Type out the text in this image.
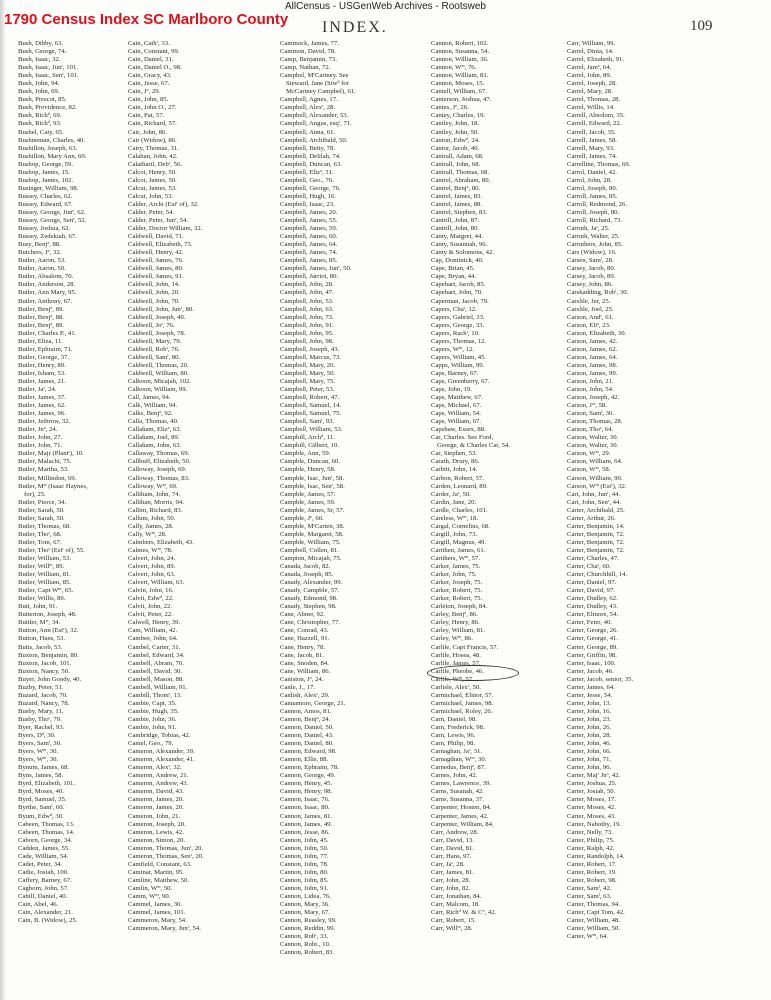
AllCensus - USGenWeb Archives - Rootsweb
1790 Census Index SC Marlboro County INDEX.	109
Bush, Dibby, 63.
Bush, George, 74.
Bush, Isaac, 32.
Bush, Isaac, Junʳ, 101.
Bush, Isaac, Senʳ, 101.
Bush, John, 94.
Bush, John, 69.
Bush, Prescot, 85.
Bush, Providence, 82.
Bush, Richᵈ, 69.
Bush, Richᵈ, 93.
Bushel, Caty, 65.
Bushneman, Charles, 40.
Bushillon, Joseph, 63.
Bushillon, Mary Ann, 60.
Bushop, George, 59.
Bushop, James, 15.
Bushop, James, 102.
Businger, William, 98.
Bussey, Charles, 62.
Bussey, Edward, 67.
Bussey, George, Junʳ, 62.
Bussey, George, Senʳ, 52.
Bussey, Joshua, 62.
Bussey, Zedekiah, 67.
Busy, Benjᵃ, 88.
Butchers, Jᵒ, 32.
Butler, Aaron, 53.
Butler, Aaron, 50.
Butler, Absalom, 70.
Butler, Anderson, 28.
Butler, Ann Mary, 95.
Butler, Anthony, 67.
Butler, Benjᵃ, 89.
Butler, Benjᵃ, 88.
Butler, Benjᵃ, 89.
Butler, Charles P., 41.
Butler, Eliza, 11.
Butler, Ephraim, 71.
Butler, George, 37.
Butler, Henry, 80.
Butler, Isham, 53.
Butler, James, 21.
Butler, Jaˢ, 24.
Butler, James, 37.
Butler, James, 62.
Butler, James, 96.
Butler, Jethrow, 32.
Butler, Jnᵒ, 24.
Butler, John, 27.
Butler, John, 71.
Butler, Majr (Plantʳ), 10.
Butler, Malachi, 75.
Butler, Martha, 53.
Butler, Millindon, 69.
Butler, Mˢˢ (Isaac Haynes,
for), 25.
Butler, Pierce, 34.
Butler, Sarah, 50.
Butler, Sarah, 50.
Butler, Thomas, 68.
Butler, Thoˢ, 68.
Butler, Tom, 67.
Butler, Thoˢ (Estʳ of), 55.
Butler, William, 53.
Butler, Willᵐ, 89.
Butler, William, 81.
Butler, William, 85.
Butler, Capt Wᵐ, 65.
Butler, Willis, 89.
Butt, John, 91.
Butterton, Joseph, 48.
Buttler, Mʳˢ, 34.
Button, Ann (Estʳ), 32.
Button, Hans, 53.
Butts, Jacob, 53.
Buxton, Benjamin, 80.
Buxton, Jacob, 101.
Buxton, Nancy, 50.
Buyer, John Goody, 40.
Buzby, Peter, 51.
Buzard, Jacob, 70.
Buzard, Nancy, 78.
Busby, Mary, 11.
Busby, Thoˢ, 79.
Byer, Rachel, 93.
Byers, Dᵈ, 30.
Byers, Samˡ, 30.
Byers, Wᵐ, 30.
Byers, Wᵐ, 30.
Bynum, James, 68.
Byns, James, 58.
Byrd, Elizabeth, 101.
Byrd, Moses, 40.
Byrd, Samuel, 35.
Byrthe, Samˡ, 60.
Byum, Edwᵈ, 30.
Cabeen, Thomas, 13.
Cabeen, Thomas, 14.
Caborn, George, 34.
Cadden, James, 55.
Cade, William, 54.
Cadet, Peter, 34.
Cadie, Josiah, 100.
Caffery, Barney, 67.
Cagborn, John, 57.
Cahill, Daniel, 40.
Cain, Abel, 46.
Cain, Alexander, 21.
Cain, B. (Widow), 25.
Cain, Cathʳ, 33.
Cain, Constant, 99.
Cain, Daniel, 31.
Cain, Daniel O., 98.
Cain, Gracy, 43.
Cain, Jesse, 67.
Cain, Jᵒ, 29.
Cain, John, 85.
Cain, John O., 27.
Cain, Pat, 57.
Cain, Richard, 57.
Cair, John, 86.
Cair (Widow), 86.
Cairy, Thomas, 31.
Calahan, John, 42.
Calatharil, Debʳ, 56.
Calcot, Henry, 50.
Calcot, James, 50.
Calcut, James, 53.
Calcut, John, 53.
Calder, Archi (Estʳ of), 32.
Calder, Peter, 54.
Calder, Peter, Junʳ, 54.
Calder, Doctor William, 32.
Caldwell, David, 71.
Caldwell, Elizabeth, 73.
Caldwell, Henry, 42.
Caldwell, James, 76.
Caldwell, James, 80.
Caldwell, James, 91.
Caldwell, John, 14.
Caldwell, John, 20.
Caldwell, John, 70.
Caldwell, John, Junʳ, 80.
Caldwell, Joseph, 40.
Caldwell, Joˢ, 76.
Caldwell, Joseph, 78.
Caldwell, Mary, 79.
Caldwell, Robᵗ, 76.
Caldwell, Samˡ, 80.
Caldwell, Thomas, 20.
Caldwell, William, 80.
Calhoon, Micajah, 102.
Calhoon, William, 99.
Call, James, 94.
Calk, William, 94.
Calks, Benjᵃ, 92.
Calla, Thomas, 40.
Callaham, Elizᵃ, 63.
Callaham, Joel, 89.
Callaham, John, 63.
Callaway, Thomas, 69.
Callbuff, Elizabeth, 50.
Calloway, Joseph, 69.
Calloway, Thomas, 83.
Calloway, Wᵐ, 69.
Calliham, John, 74.
Callihan, Morris, 94.
Callim, Richard, 83.
Callum, John, 50.
Cally, James, 28.
Cally, Wᵐ, 28.
Calmbers, Elizabeth, 43.
Calmes, Wᵐ, 78.
Calvert, John, 24.
Calvert, John, 89.
Calvert, John, 63.
Calvert, William, 63.
Calvin, John, 16.
Calvit, Edwᵈ, 22.
Calvit, John, 22.
Calvit, Peter, 22.
Calwell, Henry, 39.
Cam, William, 42.
Cambee, John, 64.
Cambel, Carter, 31.
Cambel, Edward, 34.
Cambell, Abram, 70.
Cambell, David, 30.
Cambell, Mason, 88.
Cambell, William, 91.
Cambill, Thomˢ, 13.
Cambie, Capt, 35.
Cambie, Hugh, 35.
Cambie, John, 36.
Cambie, John, 91.
Cambridge, Tobias, 42.
Camel, Geo., 79.
Cameron, Alexander, 39.
Cameron, Alexander, 41.
Cameron, Alexʳ, 32.
Cameron, Andrew, 21.
Cameron, Andrew, 43.
Cameron, David, 43.
Cameron, James, 20.
Cameron, James, 20.
Cameron, John, 21.
Cameron, Joseph, 20.
Cameron, Lewis, 42.
Cameron, Simon, 20.
Cameron, Thomas, Junʳ, 20.
Cameron, Thomas, Senʳ, 20.
Camfield, Constant, 63.
Caminar, Martin, 95.
Camline, Matthew, 50.
Camlin, Wᵐ, 50.
Camm, Wᵐ, 90.
Cammel, James, 30.
Cammel, James, 101.
Cammeron, Mary, 54.
Cammeron, Mary, Junʳ, 54.
Cammock, James, 77.
Cammon, David, 78.
Camp, Benjamin, 73.
Camp, Nathan, 72.
Campbel, MʳCartney. See
Steward, Jane (Stwᵈ for
McCartney Campbel), 61.
Campbell, Agnes, 17.
Campbell, Alexʳ, 28.
Campbell, Alexander, 53.
Campbell, Angus, esqʳ, 71.
Campbell, Anna, 61.
Campbell, Archibald, 50.
Campbell, Betty, 78.
Campbell, Delilah, 74.
Campbell, Duncan, 63.
Campbell, Elizᵃ, 31.
Campbell, Geo., 76.
Campbell, George, 76.
Campbell, Hugh, 16.
Campbell, Isaac, 23.
Campbell, James, 20.
Campbell, James, 55.
Campbell, James, 59.
Campbell, James, 60.
Campbell, James, 64.
Campbell, James, 74.
Campbell, James, 85.
Campbell, James, Junʳ, 50.
Campbell, Jarriot, 80.
Campbell, John, 28.
Campbell, John, 47.
Campbell, John, 53.
Campbell, John, 63.
Campbell, John, 73.
Campbell, John, 91.
Campbell, John, 95.
Campbell, John, 98.
Campbell, Joseph, 43.
Campbell, Marcus, 73.
Campbell, Mary, 20.
Campbell, Mary, 50.
Campbell, Mary, 75.
Campbell, Peter, 53.
Campbell, Robert, 47.
Campbell, Samuel, 14.
Campbell, Samuel, 75.
Campbell, Samˡ, 93.
Campbell, William, 53.
Campbill, Archᵈ, 11.
Campbill, Gilbert, 10.
Campble, Ann, 59.
Campble, Duncan, 60.
Campble, Henry, 58.
Campble, Isac, Junʳ, 58.
Campble, Isac, Senʳ, 58.
Campble, James, 57.
Campble, James, 59.
Campble, James, Sr, 57.
Campble, Jᵒ, 60.
Campble, MʳCarten, 38.
Campble, Margaret, 58.
Campble, William, 75.
Campbell, Collen, 81.
Campton, Micajah, 75.
Canada, Jacob, 82.
Canada, Joseph, 85.
Canady, Alexander, 99.
Canady, Campble, 57.
Canady, Edmond, 98.
Canady, Stephen, 98.
Cane, Abner, 92.
Cane, Christopher, 77.
Cane, Conrad, 43.
Cane, Hazzell, 91.
Cane, Henry, 78.
Cane, Jacob, 81.
Cane, Snoden, 84.
Cane, William, 86.
Caniston, Jᵒ, 24.
Canle, J., 17.
Canlish, Alexʳ, 29.
Cannamore, George, 21.
Cannon, Amos, 81.
Cannon, Benjᵃ, 24.
Cannon, Daniel, 50.
Cannon, Daniel, 43.
Cannon, Daniel, 80.
Cannon, Edward, 98.
Cannon, Ellis, 88.
Cannon, Ephraim, 78.
Cannon, George, 49.
Cannon, Henry, 45.
Cannon, Henry, 98.
Cannon, Isaac, 76.
Cannon, Isaac, 80.
Cannon, James, 81.
Cannon, James, 49.
Cannon, Jesse, 86.
Cannon, John, 45.
Cannon, John, 50.
Cannon, John, 77.
Cannon, John, 78.
Cannon, John, 80.
Cannon, John, 85.
Cannon, John, 91.
Cannon, Lidea, 76.
Cannon, Mary, 36.
Cannon, Mary, 67.
Cannon, Reasley, 99.
Cannon, Reddin, 99.
Cannon, Robᵗ, 33.
Cannon, Robt., 10.
Cannon, Robert, 83.
Cannon, Robert, 102.
Cannon, Susanna, 54.
Cannon, William, 36.
Cannon, Wᵐ, 76.
Cannon, William, 81.
Cannon, Moses, 15.
Cantell, William, 67.
Canterson, Joshua, 47.
Cantes, Jᵒ, 26.
Cantey, Charles, 19.
Cantley, John, 18.
Cantley, John, 50.
Canton, Edwᵈ, 24.
Cantor, Jacob, 40.
Cantrall, Adam, 68.
Cantrall, John, 68.
Cantrall, Thomas, 68.
Cantrel, Abraham, 80.
Cantrel, Benjᵃ, 80.
Cantrel, James, 83.
Cantrel, James, 88.
Cantrel, Stephen, 83.
Cantrill, John, 87.
Cantrill, John, 80.
Canty, Margret, 44.
Canty, Susannah, 96.
Canty & Solomons, 42.
Cap, Dominick, 40.
Cape, Brian, 45.
Cape, Bryan, 44.
Capehart, Jacob, 85.
Capehart, John, 70.
Caperman, Jacob, 79.
Capers, Chaˢ, 12.
Capers, Gabriel, 33.
Capers, George, 33.
Capers, Rachᵗ, 10.
Capers, Thomas, 12.
Capers, Wᵐ, 12.
Capers, William, 45.
Capps, William, 99.
Caps, Barney, 67.
Caps, Greenberry, 67.
Caps, John, 19.
Caps, Matthew, 67.
Caps, Michael, 67.
Caps, William, 54.
Caps, William, 67.
Capshaw, Essex, 88.
Car, Charles. See Ford,
George, & Charles Car, 54.
Car, Stephen, 53.
Carath, Drury, 86.
Carbitt, John, 14.
Carbon, Robert, 57.
Carden, Leonard, 89.
Carder, Jaˢ, 50.
Cardin, Jane, 20.
Cardle, Charles, 101.
Careless, Wᵐ, 18.
Cargal, Cornelius, 68.
Cargill, John, 73.
Cargill, Magnus, 49.
Carithen, James, 61.
Carithers, Wᵐ, 57.
Carker, James, 75.
Carker, John, 75.
Carker, Joseph, 75.
Carker, Robert, 75.
Carker, Robert, 75.
Carleton, Joseph, 84.
Carley, Benjᵃ, 86.
Carley, Henry, 86.
Carley, William, 81.
Carley, Wᵐ, 86.
Carlile, Capt Francis, 57.
Carlile, Hosea, 48.
Carlile, James, 57.
Carlile, Pheobe, 46.
Carlile, Wᵐ, 57.
Carlisle, Alexʳ, 50.
Carmichael, Elinor, 57.
Carmichael, James, 98.
Carmichael, Roley, 26.
Carn, Daniel, 98.
Carn, Frederick, 98.
Carn, Lewis, 96.
Carn, Philip, 98.
Carnaghan, Jaˢ, 31.
Carnagthan, Wᵐ, 30.
Carnedus, Benjᵃ, 87.
Carnes, John, 42.
Carnes, Lawrence, 39.
Carns, Susanah, 42.
Carns, Susanna, 37.
Carpenter, Hosten, 84.
Carpenter, James, 42.
Carpenter, William, 84.
Carr, Andrew, 28.
Carr, David, 13.
Carr, David, 81.
Carr, Hans, 97.
Carr, Jaˢ, 28.
Carr, James, 81.
Carr, John, 28.
Carr, John, 82.
Carr, Jonathan, 84.
Carr, Malcom, 18.
Carr, Richᵈ W. & Cᵒ, 42.
Carr, Robert, 15.
Carr, Willᵐ, 28.
Carr, William, 99.
Carrel, Dinia, 14.
Carrel, Elizabeth, 91.
Carrel, Jamᵉ, 64.
Carrel, John, 89.
Carrel, Joseph, 28.
Carrel, Mary, 28.
Carrel, Thomas, 28.
Carrel, Willis, 14.
Carrell, Absolom, 35.
Carrell, Edward, 22.
Carrell, Jacob, 35.
Carrell, James, 58.
Carrell, Mary, 93.
Carrell, James, 74.
Carrelline, Thomas, 69.
Carrol, Daniel, 42.
Carrol, John, 28.
Carrol, Joseph, 80.
Carroll, James, 85.
Carroll, Redmond, 26.
Carroll, Joseph, 80.
Carroll, Richard, 73.
Carruth, Jaˢ, 25.
Carruth, Walter, 25.
Carruthers, John, 85.
Cars (Widow), 16.
Carsen, Samˡ, 28.
Carsey, Jacob, 80.
Carsey, Jacob, 89.
Carsey, John, 86.
Carskadding, Robᵗ, 30.
Carslile, Jer, 25.
Carslile, Joel, 25.
Carson, Andʳ, 61.
Carson, Eliᵃ, 23.
Carson, Elizabeth, 30.
Carson, James, 42.
Carson, James, 62.
Carson, James, 64.
Carson, James, 98.
Carson, James, 99.
Carson, John, 21.
Carson, John, 54.
Carson, Joseph, 42.
Carson, Jᵒˢ, 58.
Carson, Samˡ, 30.
Carson, Thomas, 28.
Carson, Thoˢ, 64.
Carson, Walter, 30.
Carson, Walter, 30.
Carson, Wᵐ, 29.
Carson, William, 64.
Carson, Wᵐ, 58.
Carson, William, 90.
Carson, Wᵐ (Estʳ), 32.
Cart, John, Junʳ, 44.
Cart, John, Senʳ, 44.
Carter, Archibald, 25.
Carter, Arthur, 26.
Carter, Benjamin, 14.
Carter, Benjamin, 72.
Carter, Benjamin, 72.
Carter, Benjamin, 72.
Carter, Charles, 47.
Carter, Chaˢ, 60.
Carter, Churchhill, 14.
Carter, Daniel, 97.
Carter, David, 97.
Carter, Dudley, 62.
Carter, Dudley, 43.
Carter, Elmore, 54.
Carter, Feter, 40.
Carter, George, 26.
Carter, George, 41.
Carter, George, 89.
Carter, Griffin, 98.
Carter, Isaac, 100.
Carter, Jacob, 46.
Carter, Jacob, senior, 35.
Carter, James, 64.
Carter, Jesse, 54.
Carter, John, 13.
Carter, John, 16.
Carter, John, 23.
Carter, John, 26.
Carter, John, 28.
Carter, John, 46.
Carter, John, 66.
Carter, John, 71.
Carter, John, 96.
Carter, Majʳ Jnᵒ, 42.
Carter, Joshua, 25.
Carter, Josiah, 50.
Carter, Moses, 17.
Carter, Moses, 42.
Carter, Moses, 43.
Carter, Nabothy, 19.
Carter, Nelly, 73.
Carter, Philip, 75.
Carter, Ralph, 42.
Carter, Randolph, 14.
Carter, Robert, 17.
Carter, Robert, 19.
Carter, Robert, 98.
Carter, Samˡ, 42.
Carter, Samˡ, 63.
Carter, Thomas, 94.
Carter, Capt Tom, 42.
Carter, William, 48.
Carter, William, 50.
Carter, Wᵐ, 64.
